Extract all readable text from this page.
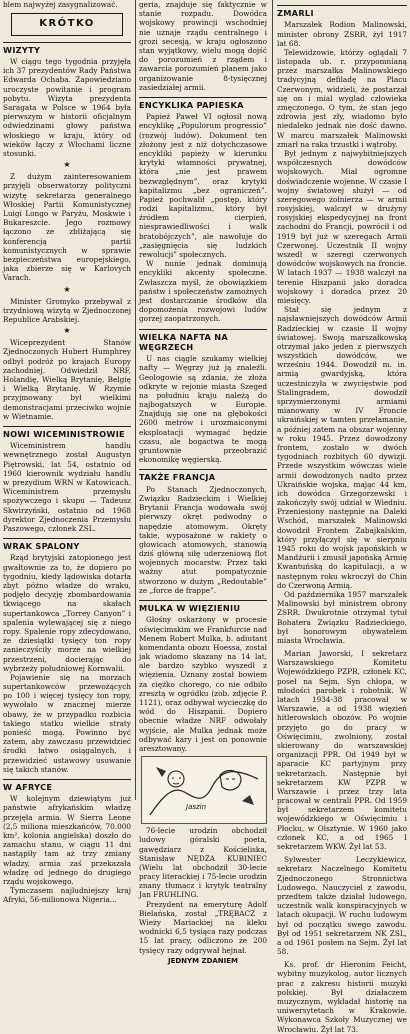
blem najwyżej zasygnalizować.

KRÓTKO
WIZYTY

W ciągu tego tygodnia przyjęła ich 37 prezydentów Rady Państwa Edwarda Ochaba. Zapowiedziano uroczyste powitanie i program pobytu. Wizyta prezydenta Saragata w Polsce w 1964 była pierwszym w historii oficjalnym odwiedzinami głowy państwa włoskiego w kraju, który od wieków łączy z Włochami liczne stosunki.

★

Z dużym zainteresowaniem przyjęli obserwatorzy polityczni wizytę sekretarza generalnego Włoskiej Partii Komunistycznej Luigi Longo w Paryżu, Moskwie i Bukareszcie. Jego rozmowy łączono ze zbliżającą się konferencją partii komunistycznych w sprawie bezpieczeństwa europejskiego, jaka zbierze się w Karlovych Varach.

★

Minister Gromyko przebywał z trzydniową wizytą w Zjednoczonej Republice Arabskiej.

★

Wiceprezydent Stanów Zjednoczonych Hubert Humphrey odbył podróż po krajach Europy zachodniej. Odwiedził NRF, Holandię, Wielką Brytanię, Belgię i Wielką Brytanię. W Rzymie przyjmowany był wielkimi demonstracjami przeciwko wojnie w Wietnamie.

NOWI WICEMINISTROWIE

Wiceministrem handlu wewnętrznego został Augustyn Piętrowski, lat 54, ostatnio od 1960 kierownik wydziału handlu w prezydium WRN w Katowicach. Wiceministrem przemysłu spożywczego i skupu — Tadeusz Skwirzyński, ostatnio od 1968 dyrektor Zjednoczenia Przemysłu Paszowego, członek ZSL.

WRAK SPALONY

Rząd brytyjski zatopionego jest gwałtownie za to, że dopiero po tygodniu, kiedy lądowiska dotarła zbyt późno władze do wraku, podjęło decyzję zbombardowania tkwiącego na skałach supertankowca „Torrey Canyon” i spalenia wylewającej się z niego ropy. Spalenie ropy zdecydowano, że dziesiątki tysięcy ton ropy zanieczyściły morze na wielkiej przestrzeni, docierając do wybrzeży południowej Kornwalii.

Pojawienie się na morzach supertankowców przewożących po 100 i więcej tysięcy ton ropy, wywołało w znacznej mierze obawy, że w przypadku rozbicia takiego statku wielkie straty ponieść mogą. Powinno być zatem, aby zawczasu przewidzieć środki łatwo osiągalnych, i przewidzieć ustawowy usuwanie się takich stanów.

W AFRYCE

W kolejnym dziewiątym już państwie afrykańskim władzę przejęła armia. W Sierra Leone (2,5 miliona mieszkańców, 70.000 km², kolonia angielska) doszło do zamachu stanu, w ciągu 11 dni nastąpiły tam aż trzy zmiany władzy, armia zaś przekazała władzę od jednego do drugiego rządu wojskowego.

Tymczasem najludniejszy kraj Afryki, 56-milionowa Nigeria...

geria, znajduje się faktycznie w stanie rozpadu. Dowódca wojskowy prowincji wschodniej nie uznaje rządu centralnego i grozi secesją, w kraju ogłoszono stan wyjątkowy, wielu mogą dojść do porozumień z rządem i zawarcia porozumień planem jako organizowanie 8-tysięcznej zasiedziałej armii.

ENCYKLIKA PAPIESKA

Papież Paweł VI ogłosił nową encyklikę „Populorum progressio” (rozwój ludów). Dokument ten złożony jest z niż dotychczasowe encykliki papieży w kierunku krytyki włamności prywatnej, która „nie jest prawem bezwzględnym”, oraz krytyki kapitalizmu „bez ograniczeń”. Papież pochwalił „postęp, który rodzi kapitalizmu, który był źródłem cierpień, niesprawiedliwości i walk bratobójczych”, ale nawołuje do „zasięgnięcia się ludzkich rewolucji” społecznych.

W nunie jednak dominują encykliki akcenty społeczne. Zwłaszcza myśl, że obowiązkiem państw i społeczeństw zamożnych jest dostarczanie środków dla dopomożenia rozwojowi ludów gorzej zaopatrzonych.

WIELKA NAFTA NA WĘGRZECH

U nas ciągle szukamy wielkiej nafty — Węgrzy już ją znaleźli. Geologowie są zdania, że złoża odkryte w rejonie miasta Szeged na południu kraju należą do najbogatszych w Europie. Znajdują się one na głębokości 2600 metrów i urozmaiconymi eksploatacji wymagać będzie czasu, ale bogactwa te mogą gruntownie przeobrazić ekonomikę węgierską.

TAKŻE FRANCJA

Po Stanach Zjednoczonych, Związku Radzieckim i Wielkiej Brytanii Francja wodowała swój pierwszy okręt podwodny o napędzie atomowym. Okręty takie, wyposażone w rakiety o głowicach atomowych, stanowią dziś główną siłę uderzeniową flot wojennych mocarstw. Przez taki ważny atut pompatycznie stworzono w dużym „Redoutable” ze „force de frappe”.

MULKA W WIĘZIENIU

Głośny oskarżony w procesie oświęcimskim we Frankfurcie nad Menem Robert Mulka, b. adiutant komendanta obozu Hoessa, został jak wiadomo skazany na 14 lat, ale bardzo szybko wyszedł z więzienia. Uznany został bowiem za ciężko chorego, co nie odbiło zresztą w ogródku (zob. zdjęcie P. 1121), oraz odbywał wycieczkę do wód do Hiszpanii. Dopiero obecnie władze NRF odwołały wyjście, ale Mulka jednak może odbywać kary i jest on ponownie aresztowany.

Jaszin

76-lecie urodzin obchodził ludowy góralski poeta, gawędziarz z Kościeliska, Stanisław NĘDZA KUBINIEC (Wielu lat obchodził 30-lecie pracy literackiej i 75-lecie urodzin znany tłumacz i krytyk teatralny Jan FRUHLING.

Prezydent na emeryturę Adolf Bielańska, został „TRĘBACZ z Wieży Mariackiej na kleku wodnicki 6,5 tysiąca razy podczas 15 lat pracy, odliczono że 200 tysięcy razy odgrywał hejnał.

JEDNYM ZDANIEM
ZMARLI

Marszałek Rodion Malinowski, minister obrony ZSRR, żył 1917 lat 68.

Telewidzowie, którzy oglądali 7 listopada ub. r. przypomnianą przez marszałka Malinowskiego tradycyjną defiladę na Placu Czerwonym, widzieli, że postarzał się on i mial wyglad człowieka zmęczonego. O tym, że stan jego zdrowia jest zły, wiadomo było niedaleko jednak nie dość dawno. W marcu marszałek Malinowski zmarł na raka trzustki i wątroby.

Był jednym z najwybitniejszych współczesnych dowódców wojskowych. Miał ogromne doświadczenie wojenne. W czasie I wojny światowej służył — od szeregowego żołnierza — w armii rosyjskiej, walczył w drużyny rosyjskiej ekspedycyjnej na front zachodni do Francji, powrócił i od 1919 był już w szeregach Armii Czerwonej. Uczestnik II wojny wszedł w szeregi czerwonych dowódców wojskowych na froncie. W latach 1937 — 1938 walczył na terenie Hiszpanii jako doradca wojskowy i doradca przez 20 miesięcy.

Stał się jednym z najsławniejszych dowódców Armii Radzieckiej w czasie II wojny światowej. Swoją marszałkowską otrzymał jako jeden z pierwszych wszystkich dowódców, we wrześniu 1944. Dowodził m. in. armią gwardyjską, która uczestniczyła w zwycięstwie pod Stalingradem, dowodził sprzymierzonymi armiami mianowany w IV Froncie ukraińskiej w tamten przełamanie, a później zatem na obszar wojenny w roku 1945. Przez dowodzony frontem, zostało w dwóch tygodniach rozbitych 60 dywizji. Przede wszystkim wówczas wiele armii dowodzonych nadto przez Ukraińskie wojska, mając 44 km, ich dowódca Grzegorzewski i zakończyły swój udział w Wiedniu. Przeniesiony następnie na Daleki Wschód, marszałek Malinowski dowodził Frontem Zabajkalskim, który przyłączył się w sierpniu 1945 roku do wojsk japońskich w Mandżurii i zmusił japońską Armię Kwantuńską do kapitulacji, a w następnym roku wkroczył do Chin do Czerwoną Armią.

Od października 1957 marszałek Malinowski był ministrem obrony ZSRR. Dwukrotnie otrzymał tytuł Bohatera Związku Radzieckiego, był honorowym obywatelem miasta Wrocławia.

Marian Jaworski, I sekretarz Warszawskiego Komitetu Wojewódzkiego PZPR, członek KC, poseł na Sejm. Syn chłopa, w młodości parobek i robotnik. W latach 1934-38 pracował w Warszawie, a od 1938 więzień hitlerowskich obozów. Po wojnie przyjęto go do pracy w Oświęcimiu, zwolniony, został skierowany do warszawskiej organizacji PPR. Od 1949 był w aparacie KC partyjnym przy sekretarzach. Następnie był sekretarzem KW PZPR w Warszawie i przez trzy lata pracował w centrali PPR. Od 1959 był sekretarzem komitetu wojewódzkiego w Oświęcimiu i Płocku, w Olsztynie. W 1960 jako członek KC, a od 1965 I sekretarzem WKW. Żył lat 53.

Sylwester Leczykiewicz, sekretarz Naczelnego Komitetu Zjednoczonego Stronnictwa Ludowego. Nauczyciel z zawodu, przedtem także działał ludowego, uczestnik walk konspiracyjnych w latach okupacji. W ruchu ludowym był od początku swego zawodu. Był od 1951 sekretarzem NK ZSL, a od 1961 posłem na Sejm. Żył lat 58.

Ks. prof. dr Hieronim Feicht, wybitny muzykolog, autor licznych prac z zakresu historii muzyki polskiej. Był działaczem muzycznym, wykładał historię na uniwersytetach w Krakowie. Wykonawca Szkoły Muzycznej we Wrocławiu. Żył lat 73.
